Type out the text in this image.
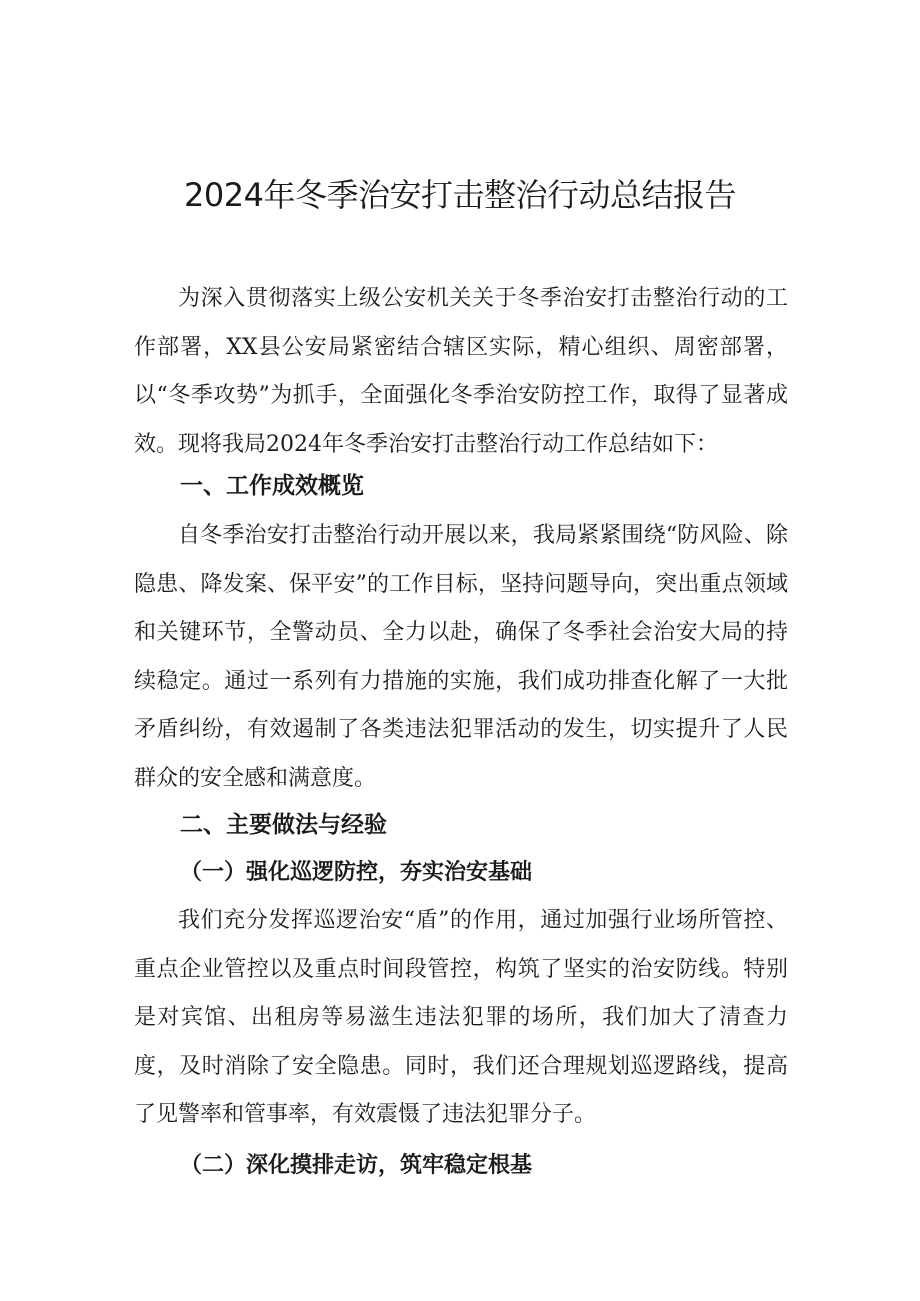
2024年冬季治安打击整治行动总结报告

为深入贯彻落实上级公安机关关于冬季治安打击整治行动的工作部署，XX县公安局紧密结合辖区实际，精心组织、周密部署，以“冬季攻势”为抓手，全面强化冬季治安防控工作，取得了显著成效。现将我局2024年冬季治安打击整治行动工作总结如下：

一、工作成效概览

自冬季治安打击整治行动开展以来，我局紧紧围绕“防风险、除隐患、降发案、保平安”的工作目标，坚持问题导向，突出重点领域和关键环节，全警动员、全力以赴，确保了冬季社会治安大局的持续稳定。通过一系列有力措施的实施，我们成功排查化解了一大批矛盾纠纷，有效遏制了各类违法犯罪活动的发生，切实提升了人民群众的安全感和满意度。

二、主要做法与经验
（一）强化巡逻防控，夯实治安基础

我们充分发挥巡逻治安“盾”的作用，通过加强行业场所管控、重点企业管控以及重点时间段管控，构筑了坚实的治安防线。特别是对宾馆、出租房等易滋生违法犯罪的场所，我们加大了清查力度，及时消除了安全隐患。同时，我们还合理规划巡逻路线，提高了见警率和管事率，有效震慑了违法犯罪分子。

（二）深化摸排走访，筑牢稳定根基
